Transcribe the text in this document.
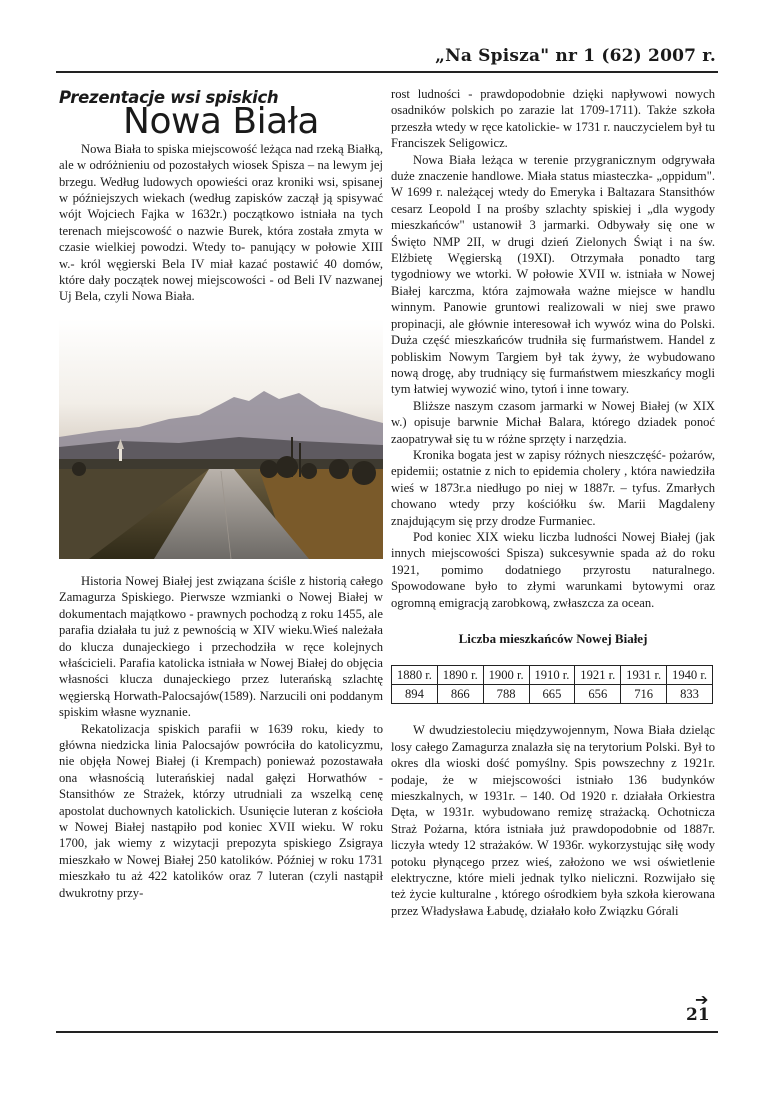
„Na Spisza" nr 1 (62) 2007 r.
Prezentacje wsi spiskich
Nowa Biała

Nowa Biała to spiska miejscowość leżąca nad rzeką Białką, ale w odróżnieniu od pozostałych wiosek Spisza – na lewym jej brzegu. Według ludowych opowieści oraz kroniki wsi, spisanej w późniejszych wiekach (według zapisków zaczął ją spisywać wójt Wojciech Fajka w 1632r.) początkowo istniała na tych terenach miejscowość o nazwie Burek, która została zmyta w czasie wielkiej powodzi. Wtedy to- panujący w połowie XIII w.- król węgierski Bela IV miał kazać postawić 40 domów, które dały początek nowej miejscowości - od Beli IV nazwanej Uj Bela, czyli Nowa Biała.

Historia Nowej Białej jest związana ściśle z historią całego Zamagurza Spiskiego. Pierwsze wzmianki o Nowej Białej w dokumentach majątkowo - prawnych pochodzą z roku 1455, ale parafia działała tu już z pewnością w XIV wieku.Wieś należała do klucza dunajeckiego i przechodziła w ręce kolejnych właścicieli. Parafia katolicka istniała w Nowej Białej do objęcia własności klucza dunajeckiego przez luterańską szlachtę węgierską Horwath-Palocsajów(1589). Narzucili oni poddanym spiskim własne wyznanie.

Rekatolizacja spiskich parafii w 1639 roku, kiedy to główna niedzicka linia Palocsajów powróciła do katolicyzmu, nie objęła Nowej Białej (i Krempach) ponieważ pozostawała ona własnością luterańskiej nadal gałęzi Horwathów - Stansithów ze Strażek, którzy utrudniali za wszelką cenę apostolat duchownych katolickich. Usunięcie luteran z kościoła w Nowej Białej nastąpiło pod koniec XVII wieku. W roku 1700, jak wiemy z wizytacji prepozyta spiskiego Zsigraya mieszkało w Nowej Białej 250 katolików. Później w roku 1731 mieszkało tu aż 422 katolików oraz 7 luteran (czyli nastąpił dwukrotny przy-

rost ludności - prawdopodobnie dzięki napływowi nowych osadników polskich po zarazie lat 1709-1711). Także szkoła przeszła wtedy w ręce katolickie- w 1731 r. nauczycielem był tu Franciszek Seligowicz.

Nowa Biała leżąca w terenie przygranicznym odgrywała duże znaczenie handlowe. Miała status miasteczka- „oppidum". W 1699 r. należącej wtedy do Emeryka i Baltazara Stansithów cesarz Leopold I na prośby szlachty spiskiej i „dla wygody mieszkańców" ustanowił 3 jarmarki. Odbywały się one w Święto NMP 2II, w drugi dzień Zielonych Świąt i na św. Elżbietę Węgierską (19XI). Otrzymała ponadto targ tygodniowy we wtorki. W połowie XVII w. istniała w Nowej Białej karczma, która zajmowała ważne miejsce w handlu winnym. Panowie gruntowi realizowali w niej swe prawo propinacji, ale głównie interesował ich wywóz wina do Polski. Duża część mieszkańców trudniła się furmaństwem. Handel z pobliskim Nowym Targiem był tak żywy, że wybudowano nową drogę, aby trudniący się furmaństwem mieszkańcy mogli tym łatwiej wywozić wino, tytoń i inne towary.

Bliższe naszym czasom jarmarki w Nowej Białej (w XIX w.) opisuje barwnie Michał Balara, którego dziadek ponoć zaopatrywał się tu w różne sprzęty i narzędzia.

Kronika bogata jest w zapisy różnych nieszczęść- pożarów, epidemii; ostatnie z nich to epidemia cholery , która nawiedziła wieś w 1873r.a niedługo po niej w 1887r. – tyfus. Zmarłych chowano wtedy przy kościółku św. Marii Magdaleny znajdującym się przy drodze Furmaniec.

Pod koniec XIX wieku liczba ludności Nowej Białej (jak innych miejscowości Spisza) sukcesywnie spada aż do roku 1921, pomimo dodatniego przyrostu naturalnego. Spowodowane było to złymi warunkami bytowymi oraz ogromną emigracją zarobkową, zwłaszcza za ocean.

Liczba mieszkańców Nowej Białej
1880 r.	1890 r.	1900 r.	1910 r.	1921 r.	1931 r.	1940 r.
894	866	788	665	656	716	833

W dwudziestoleciu międzywojennym, Nowa Biała dzieląc losy całego Zamagurza znalazła się na terytorium Polski. Był to okres dla wioski dość pomyślny. Spis powszechny z 1921r. podaje, że w miejscowości istniało 136 budynków mieszkalnych, w 1931r. – 140. Od 1920 r. działała Orkiestra Dęta, w 1931r. wybudowano remizę strażacką. Ochotnicza Straż Pożarna, która istniała już prawdopodobnie od 1887r. liczyła wtedy 12 strażaków. W 1936r. wykorzystując siłę wody potoku płynącego przez wieś, założono we wsi oświetlenie elektryczne, które mieli jednak tylko nieliczni. Rozwijało się też życie kulturalne , którego ośrodkiem była szkoła kierowana przez Władysława Łabudę, działało koło Związku Górali

➔
21
